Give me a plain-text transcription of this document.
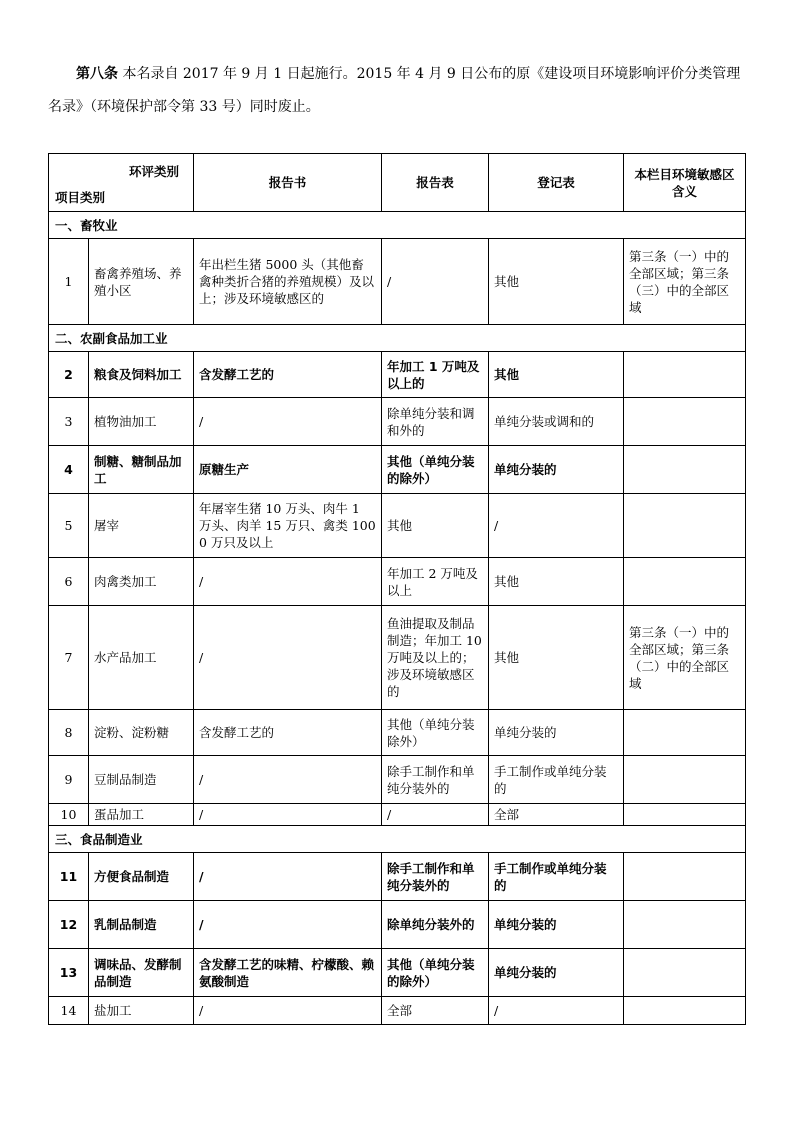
第八条 本名录自 2017 年 9 月 1 日起施行。2015 年 4 月 9 日公布的原《建设项目环境影响评价分类管理名录》（环境保护部令第 33 号）同时废止。

环评类别
项目类别		报告书	报告表	登记表	本栏目环境敏感区含义
一、畜牧业					
1	畜禽养殖场、养殖小区	年出栏生猪 5000 头（其他畜禽种类折合猪的养殖规模）及以上；涉及环境敏感区的	/	其他	第三条（一）中的全部区域；第三条（三）中的全部区域
二、农副食品加工业					
2	粮食及饲料加工	含发酵工艺的	年加工 1 万吨及以上的	其他	
3	植物油加工	/	除单纯分装和调和外的	单纯分装或调和的	
4	制糖、糖制品加工	原糖生产	其他（单纯分装的除外）	单纯分装的	
5	屠宰	年屠宰生猪 10 万头、肉牛 1 万头、肉羊 15 万只、禽类 1000 万只及以上	其他	/	
6	肉禽类加工	/	年加工 2 万吨及以上	其他	
7	水产品加工	/	鱼油提取及制品制造；年加工 10 万吨及以上的；涉及环境敏感区的	其他	第三条（一）中的全部区域；第三条（二）中的全部区域
8	淀粉、淀粉糖	含发酵工艺的	其他（单纯分装除外）	单纯分装的	
9	豆制品制造	/	除手工制作和单纯分装外的	手工制作或单纯分装的	
10	蛋品加工	/	/	全部	
三、食品制造业					
11	方便食品制造	/	除手工制作和单纯分装外的	手工制作或单纯分装的	
12	乳制品制造	/	除单纯分装外的	单纯分装的	
13	调味品、发酵制品制造	含发酵工艺的味精、柠檬酸、赖氨酸制造	其他（单纯分装的除外）	单纯分装的	
14	盐加工	/	全部	/	
